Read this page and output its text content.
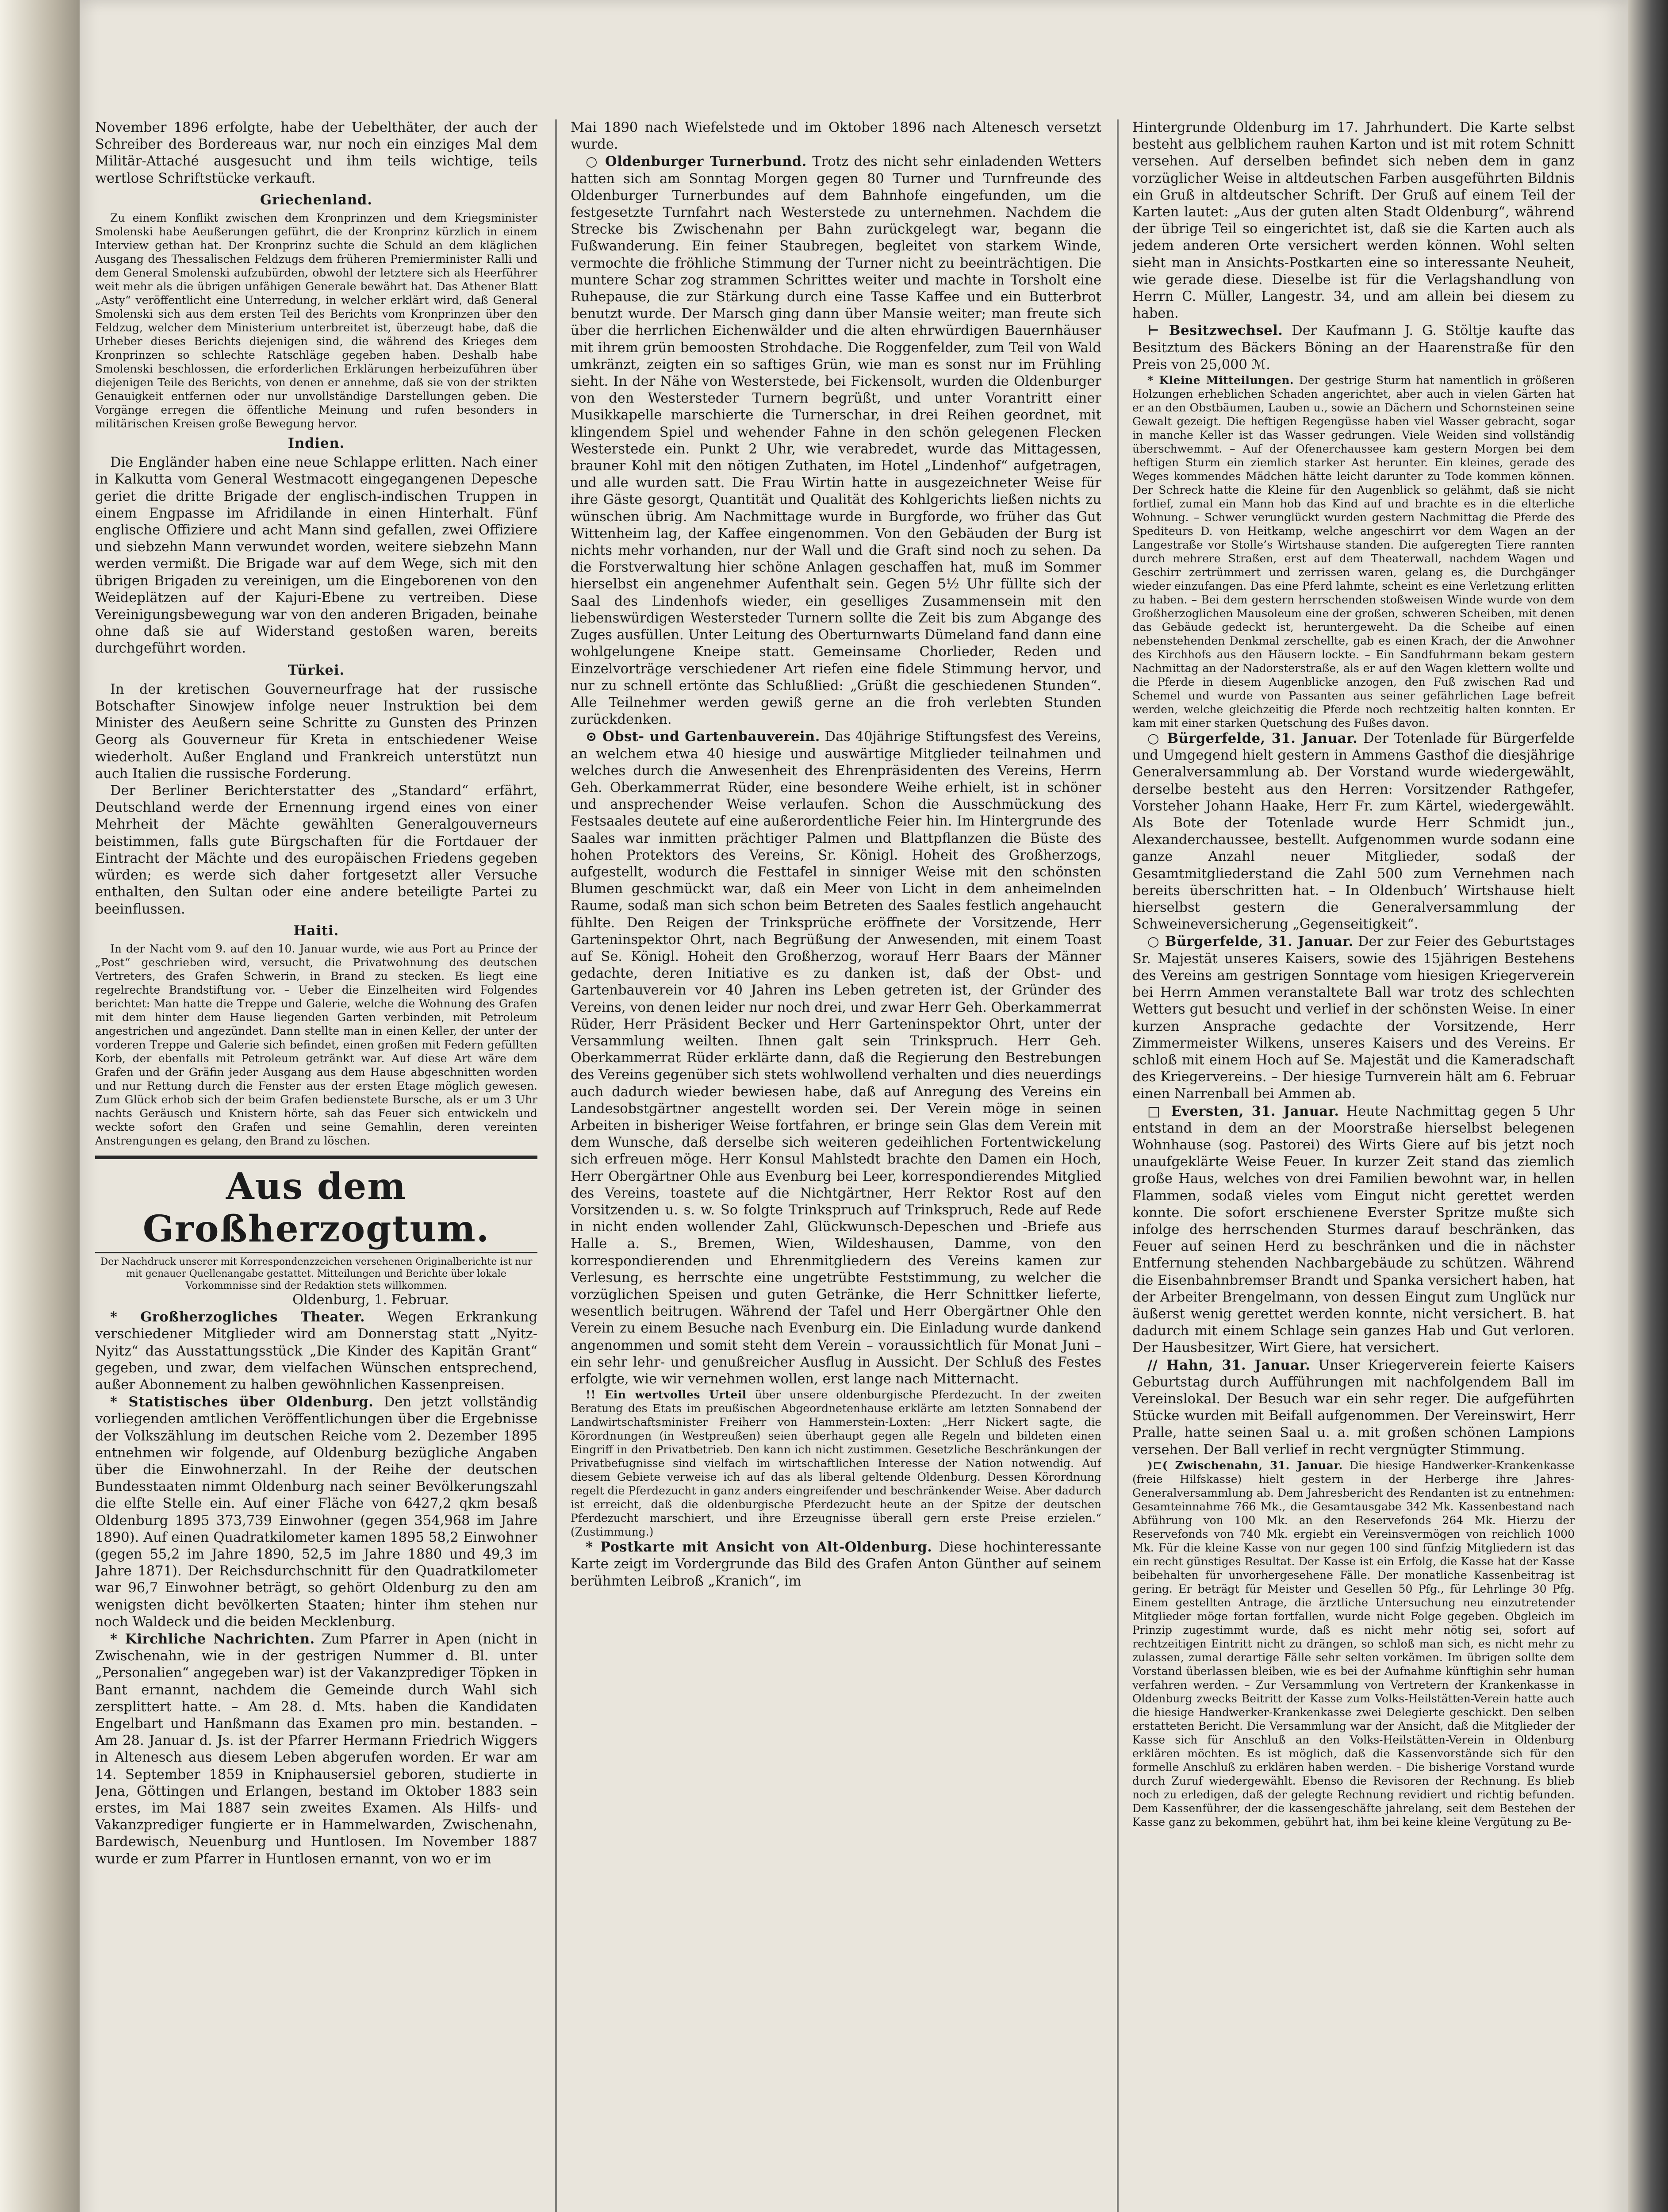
November 1896 erfolgte, habe der Uebelthäter, der auch der Schreiber des Bordereaus war, nur noch ein einziges Mal dem Militär-Attaché ausgesucht und ihm teils wichtige, teils wertlose Schriftstücke verkauft.

Griechenland.

Zu einem Konflikt zwischen dem Kronprinzen und dem Kriegsminister Smolenski habe Aeußerungen geführt, die der Kronprinz kürzlich in einem Interview gethan hat. Der Kronprinz suchte die Schuld an dem kläglichen Ausgang des Thessalischen Feldzugs dem früheren Premierminister Ralli und dem General Smolenski aufzubürden, obwohl der letztere sich als Heerführer weit mehr als die übrigen unfähigen Generale bewährt hat. Das Athener Blatt „Asty“ veröffentlicht eine Unterredung, in welcher erklärt wird, daß General Smolenski sich aus dem ersten Teil des Berichts vom Kronprinzen über den Feldzug, welcher dem Ministerium unterbreitet ist, überzeugt habe, daß die Urheber dieses Berichts diejenigen sind, die während des Krieges dem Kronprinzen so schlechte Ratschläge gegeben haben. Deshalb habe Smolenski beschlossen, die erforderlichen Erklärungen herbeizuführen über diejenigen Teile des Berichts, von denen er annehme, daß sie von der strikten Genauigkeit entfernen oder nur unvollständige Darstellungen geben. Die Vorgänge erregen die öffentliche Meinung und rufen besonders in militärischen Kreisen große Bewegung hervor.

Indien.

Die Engländer haben eine neue Schlappe erlitten. Nach einer in Kalkutta vom General Westmacott eingegangenen Depesche geriet die dritte Brigade der englisch-indischen Truppen in einem Engpasse im Afridilande in einen Hinterhalt. Fünf englische Offiziere und acht Mann sind gefallen, zwei Offiziere und siebzehn Mann verwundet worden, weitere siebzehn Mann werden vermißt. Die Brigade war auf dem Wege, sich mit den übrigen Brigaden zu vereinigen, um die Eingeborenen von den Weideplätzen auf der Kajuri-Ebene zu vertreiben. Diese Vereinigungsbewegung war von den anderen Brigaden, beinahe ohne daß sie auf Widerstand gestoßen waren, bereits durchgeführt worden.

Türkei.

In der kretischen Gouverneurfrage hat der russische Botschafter Sinowjew infolge neuer Instruktion bei dem Minister des Aeußern seine Schritte zu Gunsten des Prinzen Georg als Gouverneur für Kreta in entschiedener Weise wiederholt. Außer England und Frankreich unterstützt nun auch Italien die russische Forderung.

Der Berliner Berichterstatter des „Standard“ erfährt, Deutschland werde der Ernennung irgend eines von einer Mehrheit der Mächte gewählten Generalgouverneurs beistimmen, falls gute Bürgschaften für die Fortdauer der Eintracht der Mächte und des europäischen Friedens gegeben würden; es werde sich daher fortgesetzt aller Versuche enthalten, den Sultan oder eine andere beteiligte Partei zu beeinflussen.

Haiti.

In der Nacht vom 9. auf den 10. Januar wurde, wie aus Port au Prince der „Post“ geschrieben wird, versucht, die Privatwohnung des deutschen Vertreters, des Grafen Schwerin, in Brand zu stecken. Es liegt eine regelrechte Brandstiftung vor. – Ueber die Einzelheiten wird Folgendes berichtet: Man hatte die Treppe und Galerie, welche die Wohnung des Grafen mit dem hinter dem Hause liegenden Garten verbinden, mit Petroleum angestrichen und angezündet. Dann stellte man in einen Keller, der unter der vorderen Treppe und Galerie sich befindet, einen großen mit Federn gefüllten Korb, der ebenfalls mit Petroleum getränkt war. Auf diese Art wäre dem Grafen und der Gräfin jeder Ausgang aus dem Hause abgeschnitten worden und nur Rettung durch die Fenster aus der ersten Etage möglich gewesen. Zum Glück erhob sich der beim Grafen bedienstete Bursche, als er um 3 Uhr nachts Geräusch und Knistern hörte, sah das Feuer sich entwickeln und weckte sofort den Grafen und seine Gemahlin, deren vereinten Anstrengungen es gelang, den Brand zu löschen.

Aus dem Großherzogtum.

Der Nachdruck unserer mit Korrespondenzzeichen versehenen Originalberichte ist nur mit genauer Quellenangabe gestattet. Mitteilungen und Berichte über lokale Vorkommnisse sind der Redaktion stets willkommen.

Oldenburg, 1. Februar.

* Großherzogliches Theater. Wegen Erkrankung verschiedener Mitglieder wird am Donnerstag statt „Nyitz-Nyitz“ das Ausstattungsstück „Die Kinder des Kapitän Grant“ gegeben, und zwar, dem vielfachen Wünschen entsprechend, außer Abonnement zu halben gewöhnlichen Kassenpreisen.

* Statistisches über Oldenburg. Den jetzt vollständig vorliegenden amtlichen Veröffentlichungen über die Ergebnisse der Volkszählung im deutschen Reiche vom 2. Dezember 1895 entnehmen wir folgende, auf Oldenburg bezügliche Angaben über die Einwohnerzahl. In der Reihe der deutschen Bundesstaaten nimmt Oldenburg nach seiner Bevölkerungszahl die elfte Stelle ein. Auf einer Fläche von 6427,2 qkm besaß Oldenburg 1895 373,739 Einwohner (gegen 354,968 im Jahre 1890). Auf einen Quadratkilometer kamen 1895 58,2 Einwohner (gegen 55,2 im Jahre 1890, 52,5 im Jahre 1880 und 49,3 im Jahre 1871). Der Reichsdurchschnitt für den Quadratkilometer war 96,7 Einwohner beträgt, so gehört Oldenburg zu den am wenigsten dicht bevölkerten Staaten; hinter ihm stehen nur noch Waldeck und die beiden Mecklenburg.

* Kirchliche Nachrichten. Zum Pfarrer in Apen (nicht in Zwischenahn, wie in der gestrigen Nummer d. Bl. unter „Personalien“ angegeben war) ist der Vakanzprediger Töpken in Bant ernannt, nachdem die Gemeinde durch Wahl sich zersplittert hatte. – Am 28. d. Mts. haben die Kandidaten Engelbart und Hanßmann das Examen pro min. bestanden. – Am 28. Januar d. Js. ist der Pfarrer Hermann Friedrich Wiggers in Altenesch aus diesem Leben abgerufen worden. Er war am 14. September 1859 in Kniphausersiel geboren, studierte in Jena, Göttingen und Erlangen, bestand im Oktober 1883 sein erstes, im Mai 1887 sein zweites Examen. Als Hilfs- und Vakanzprediger fungierte er in Hammelwarden, Zwischenahn, Bardewisch, Neuenburg und Huntlosen. Im November 1887 wurde er zum Pfarrer in Huntlosen ernannt, von wo er im

Mai 1890 nach Wiefelstede und im Oktober 1896 nach Altenesch versetzt wurde.

○ Oldenburger Turnerbund. Trotz des nicht sehr einladenden Wetters hatten sich am Sonntag Morgen gegen 80 Turner und Turnfreunde des Oldenburger Turnerbundes auf dem Bahnhofe eingefunden, um die festgesetzte Turnfahrt nach Westerstede zu unternehmen. Nachdem die Strecke bis Zwischenahn per Bahn zurückgelegt war, begann die Fußwanderung. Ein feiner Staubregen, begleitet von starkem Winde, vermochte die fröhliche Stimmung der Turner nicht zu beeinträchtigen. Die muntere Schar zog strammen Schrittes weiter und machte in Torsholt eine Ruhepause, die zur Stärkung durch eine Tasse Kaffee und ein Butterbrot benutzt wurde. Der Marsch ging dann über Mansie weiter; man freute sich über die herrlichen Eichenwälder und die alten ehrwürdigen Bauernhäuser mit ihrem grün bemoosten Strohdache. Die Roggenfelder, zum Teil von Wald umkränzt, zeigten ein so saftiges Grün, wie man es sonst nur im Frühling sieht. In der Nähe von Westerstede, bei Fickensolt, wurden die Oldenburger von den Westersteder Turnern begrüßt, und unter Vorantritt einer Musikkapelle marschierte die Turnerschar, in drei Reihen geordnet, mit klingendem Spiel und wehender Fahne in den schön gelegenen Flecken Westerstede ein. Punkt 2 Uhr, wie verabredet, wurde das Mittagessen, brauner Kohl mit den nötigen Zuthaten, im Hotel „Lindenhof“ aufgetragen, und alle wurden satt. Die Frau Wirtin hatte in ausgezeichneter Weise für ihre Gäste gesorgt, Quantität und Qualität des Kohlgerichts ließen nichts zu wünschen übrig. Am Nachmittage wurde in Burgforde, wo früher das Gut Wittenheim lag, der Kaffee eingenommen. Von den Gebäuden der Burg ist nichts mehr vorhanden, nur der Wall und die Graft sind noch zu sehen. Da die Forstverwaltung hier schöne Anlagen geschaffen hat, muß im Sommer hierselbst ein angenehmer Aufenthalt sein. Gegen 5½ Uhr füllte sich der Saal des Lindenhofs wieder, ein geselliges Zusammensein mit den liebenswürdigen Westersteder Turnern sollte die Zeit bis zum Abgange des Zuges ausfüllen. Unter Leitung des Oberturnwarts Dümeland fand dann eine wohlgelungene Kneipe statt. Gemeinsame Chorlieder, Reden und Einzelvorträge verschiedener Art riefen eine fidele Stimmung hervor, und nur zu schnell ertönte das Schlußlied: „Grüßt die geschiedenen Stunden“. Alle Teilnehmer werden gewiß gerne an die froh verlebten Stunden zurückdenken.

⊙ Obst- und Gartenbauverein. Das 40jährige Stiftungsfest des Vereins, an welchem etwa 40 hiesige und auswärtige Mitglieder teilnahmen und welches durch die Anwesenheit des Ehrenpräsidenten des Vereins, Herrn Geh. Oberkammerrat Rüder, eine besondere Weihe erhielt, ist in schöner und ansprechender Weise verlaufen. Schon die Ausschmückung des Festsaales deutete auf eine außerordentliche Feier hin. Im Hintergrunde des Saales war inmitten prächtiger Palmen und Blattpflanzen die Büste des hohen Protektors des Vereins, Sr. Königl. Hoheit des Großherzogs, aufgestellt, wodurch die Festtafel in sinniger Weise mit den schönsten Blumen geschmückt war, daß ein Meer von Licht in dem anheimelnden Raume, sodaß man sich schon beim Betreten des Saales festlich angehaucht fühlte. Den Reigen der Trinksprüche eröffnete der Vorsitzende, Herr Garteninspektor Ohrt, nach Begrüßung der Anwesenden, mit einem Toast auf Se. Königl. Hoheit den Großherzog, worauf Herr Baars der Männer gedachte, deren Initiative es zu danken ist, daß der Obst- und Gartenbauverein vor 40 Jahren ins Leben getreten ist, der Gründer des Vereins, von denen leider nur noch drei, und zwar Herr Geh. Oberkammerrat Rüder, Herr Präsident Becker und Herr Garteninspektor Ohrt, unter der Versammlung weilten. Ihnen galt sein Trinkspruch. Herr Geh. Oberkammerrat Rüder erklärte dann, daß die Regierung den Bestrebungen des Vereins gegenüber sich stets wohlwollend verhalten und dies neuerdings auch dadurch wieder bewiesen habe, daß auf Anregung des Vereins ein Landesobstgärtner angestellt worden sei. Der Verein möge in seinen Arbeiten in bisheriger Weise fortfahren, er bringe sein Glas dem Verein mit dem Wunsche, daß derselbe sich weiteren gedeihlichen Fortentwickelung sich erfreuen möge. Herr Konsul Mahlstedt brachte den Damen ein Hoch, Herr Obergärtner Ohle aus Evenburg bei Leer, korrespondierendes Mitglied des Vereins, toastete auf die Nichtgärtner, Herr Rektor Rost auf den Vorsitzenden u. s. w. So folgte Trinkspruch auf Trinkspruch, Rede auf Rede in nicht enden wollender Zahl, Glückwunsch-Depeschen und -Briefe aus Halle a. S., Bremen, Wien, Wildeshausen, Damme, von den korrespondierenden und Ehrenmitgliedern des Vereins kamen zur Verlesung, es herrschte eine ungetrübte Feststimmung, zu welcher die vorzüglichen Speisen und guten Getränke, die Herr Schnittker lieferte, wesentlich beitrugen. Während der Tafel und Herr Obergärtner Ohle den Verein zu einem Besuche nach Evenburg ein. Die Einladung wurde dankend angenommen und somit steht dem Verein – voraussichtlich für Monat Juni – ein sehr lehr- und genußreicher Ausflug in Aussicht. Der Schluß des Festes erfolgte, wie wir vernehmen wollen, erst lange nach Mitternacht.

!! Ein wertvolles Urteil über unsere oldenburgische Pferdezucht. In der zweiten Beratung des Etats im preußischen Abgeordnetenhause erklärte am letzten Sonnabend der Landwirtschaftsminister Freiherr von Hammerstein-Loxten: „Herr Nickert sagte, die Körordnungen (in Westpreußen) seien überhaupt gegen alle Regeln und bildeten einen Eingriff in den Privatbetrieb. Den kann ich nicht zustimmen. Gesetzliche Beschränkungen der Privatbefugnisse sind vielfach im wirtschaftlichen Interesse der Nation notwendig. Auf diesem Gebiete verweise ich auf das als liberal geltende Oldenburg. Dessen Körordnung regelt die Pferdezucht in ganz anders eingreifender und beschränkender Weise. Aber dadurch ist erreicht, daß die oldenburgische Pferdezucht heute an der Spitze der deutschen Pferdezucht marschiert, und ihre Erzeugnisse überall gern erste Preise erzielen.“ (Zustimmung.)

* Postkarte mit Ansicht von Alt-Oldenburg. Diese hochinteressante Karte zeigt im Vordergrunde das Bild des Grafen Anton Günther auf seinem berühmten Leibroß „Kranich“, im

Hintergrunde Oldenburg im 17. Jahrhundert. Die Karte selbst besteht aus gelblichem rauhen Karton und ist mit rotem Schnitt versehen. Auf derselben befindet sich neben dem in ganz vorzüglicher Weise in altdeutschen Farben ausgeführten Bildnis ein Gruß in altdeutscher Schrift. Der Gruß auf einem Teil der Karten lautet: „Aus der guten alten Stadt Oldenburg“, während der übrige Teil so eingerichtet ist, daß sie die Karten auch als jedem anderen Orte versichert werden können. Wohl selten sieht man in Ansichts-Postkarten eine so interessante Neuheit, wie gerade diese. Dieselbe ist für die Verlagshandlung von Herrn C. Müller, Langestr. 34, und am allein bei diesem zu haben.

⊢ Besitzwechsel. Der Kaufmann J. G. Stöltje kaufte das Besitztum des Bäckers Böning an der Haarenstraße für den Preis von 25,000 ℳ.

* Kleine Mitteilungen. Der gestrige Sturm hat namentlich in größeren Holzungen erheblichen Schaden angerichtet, aber auch in vielen Gärten hat er an den Obstbäumen, Lauben u., sowie an Dächern und Schornsteinen seine Gewalt gezeigt. Die heftigen Regengüsse haben viel Wasser gebracht, sogar in manche Keller ist das Wasser gedrungen. Viele Weiden sind vollständig überschwemmt. – Auf der Ofenerchaussee kam gestern Morgen bei dem heftigen Sturm ein ziemlich starker Ast herunter. Ein kleines, gerade des Weges kommendes Mädchen hätte leicht darunter zu Tode kommen können. Der Schreck hatte die Kleine für den Augenblick so gelähmt, daß sie nicht fortlief, zumal ein Mann hob das Kind auf und brachte es in die elterliche Wohnung. – Schwer verunglückt wurden gestern Nachmittag die Pferde des Spediteurs D. von Heitkamp, welche angeschirrt vor dem Wagen an der Langestraße vor Stolle’s Wirtshause standen. Die aufgeregten Tiere rannten durch mehrere Straßen, erst auf dem Theaterwall, nachdem Wagen und Geschirr zertrümmert und zerrissen waren, gelang es, die Durchgänger wieder einzufangen. Das eine Pferd lahmte, scheint es eine Verletzung erlitten zu haben. – Bei dem gestern herrschenden stoßweisen Winde wurde von dem Großherzoglichen Mausoleum eine der großen, schweren Scheiben, mit denen das Gebäude gedeckt ist, heruntergeweht. Da die Scheibe auf einen nebenstehenden Denkmal zerschellte, gab es einen Krach, der die Anwohner des Kirchhofs aus den Häusern lockte. – Ein Sandfuhrmann bekam gestern Nachmittag an der Nadorsterstraße, als er auf den Wagen klettern wollte und die Pferde in diesem Augenblicke anzogen, den Fuß zwischen Rad und Schemel und wurde von Passanten aus seiner gefährlichen Lage befreit werden, welche gleichzeitig die Pferde noch rechtzeitig halten konnten. Er kam mit einer starken Quetschung des Fußes davon.

○ Bürgerfelde, 31. Januar. Der Totenlade für Bürgerfelde und Umgegend hielt gestern in Ammens Gasthof die diesjährige Generalversammlung ab. Der Vorstand wurde wiedergewählt, derselbe besteht aus den Herren: Vorsitzender Rathgefer, Vorsteher Johann Haake, Herr Fr. zum Kärtel, wiedergewählt. Als Bote der Totenlade wurde Herr Schmidt jun., Alexanderchaussee, bestellt. Aufgenommen wurde sodann eine ganze Anzahl neuer Mitglieder, sodaß der Gesamtmitgliederstand die Zahl 500 zum Vernehmen nach bereits überschritten hat. – In Oldenbuch’ Wirtshause hielt hierselbst gestern die Generalversammlung der Schweineversicherung „Gegenseitigkeit“.

○ Bürgerfelde, 31. Januar. Der zur Feier des Geburtstages Sr. Majestät unseres Kaisers, sowie des 15jährigen Bestehens des Vereins am gestrigen Sonntage vom hiesigen Kriegerverein bei Herrn Ammen veranstaltete Ball war trotz des schlechten Wetters gut besucht und verlief in der schönsten Weise. In einer kurzen Ansprache gedachte der Vorsitzende, Herr Zimmermeister Wilkens, unseres Kaisers und des Vereins. Er schloß mit einem Hoch auf Se. Majestät und die Kameradschaft des Kriegervereins. – Der hiesige Turnverein hält am 6. Februar einen Narrenball bei Ammen ab.

□ Eversten, 31. Januar. Heute Nachmittag gegen 5 Uhr entstand in dem an der Moorstraße hierselbst belegenen Wohnhause (sog. Pastorei) des Wirts Giere auf bis jetzt noch unaufgeklärte Weise Feuer. In kurzer Zeit stand das ziemlich große Haus, welches von drei Familien bewohnt war, in hellen Flammen, sodaß vieles vom Eingut nicht gerettet werden konnte. Die sofort erschienene Everster Spritze mußte sich infolge des herrschenden Sturmes darauf beschränken, das Feuer auf seinen Herd zu beschränken und die in nächster Entfernung stehenden Nachbargebäude zu schützen. Während die Eisenbahnbremser Brandt und Spanka versichert haben, hat der Arbeiter Brengelmann, von dessen Eingut zum Unglück nur äußerst wenig gerettet werden konnte, nicht versichert. B. hat dadurch mit einem Schlage sein ganzes Hab und Gut verloren. Der Hausbesitzer, Wirt Giere, hat versichert.

// Hahn, 31. Januar. Unser Kriegerverein feierte Kaisers Geburtstag durch Aufführungen mit nachfolgendem Ball im Vereinslokal. Der Besuch war ein sehr reger. Die aufgeführten Stücke wurden mit Beifall aufgenommen. Der Vereinswirt, Herr Pralle, hatte seinen Saal u. a. mit großen schönen Lampions versehen. Der Ball verlief in recht vergnügter Stimmung.

)⊏( Zwischenahn, 31. Januar. Die hiesige Handwerker-Krankenkasse (freie Hilfskasse) hielt gestern in der Herberge ihre Jahres-Generalversammlung ab. Dem Jahresbericht des Rendanten ist zu entnehmen: Gesamteinnahme 766 Mk., die Gesamtausgabe 342 Mk. Kassenbestand nach Abführung von 100 Mk. an den Reservefonds 264 Mk. Hierzu der Reservefonds von 740 Mk. ergiebt ein Vereinsvermögen von reichlich 1000 Mk. Für die kleine Kasse von nur gegen 100 sind fünfzig Mitgliedern ist das ein recht günstiges Resultat. Der Kasse ist ein Erfolg, die Kasse hat der Kasse beibehalten für unvorhergesehene Fälle. Der monatliche Kassenbeitrag ist gering. Er beträgt für Meister und Gesellen 50 Pfg., für Lehrlinge 30 Pfg. Einem gestellten Antrage, die ärztliche Untersuchung neu einzutretender Mitglieder möge fortan fortfallen, wurde nicht Folge gegeben. Obgleich im Prinzip zugestimmt wurde, daß es nicht mehr nötig sei, sofort auf rechtzeitigen Eintritt nicht zu drängen, so schloß man sich, es nicht mehr zu zulassen, zumal derartige Fälle sehr selten vorkämen. Im übrigen sollte dem Vorstand überlassen bleiben, wie es bei der Aufnahme künftighin sehr human verfahren werden. – Zur Versammlung von Vertretern der Krankenkasse in Oldenburg zwecks Beitritt der Kasse zum Volks-Heilstätten-Verein hatte auch die hiesige Handwerker-Krankenkasse zwei Delegierte geschickt. Den selben erstatteten Bericht. Die Versammlung war der Ansicht, daß die Mitglieder der Kasse sich für Anschluß an den Volks-Heilstätten-Verein in Oldenburg erklären möchten. Es ist möglich, daß die Kassenvorstände sich für den formelle Anschluß zu erklären haben werden. – Die bisherige Vorstand wurde durch Zuruf wiedergewählt. Ebenso die Revisoren der Rechnung. Es blieb noch zu erledigen, daß der gelegte Rechnung revidiert und richtig befunden. Dem Kassenführer, der die kassengeschäfte jahrelang, seit dem Bestehen der Kasse ganz zu bekommen, gebührt hat, ihm bei keine kleine Vergütung zu Be-
